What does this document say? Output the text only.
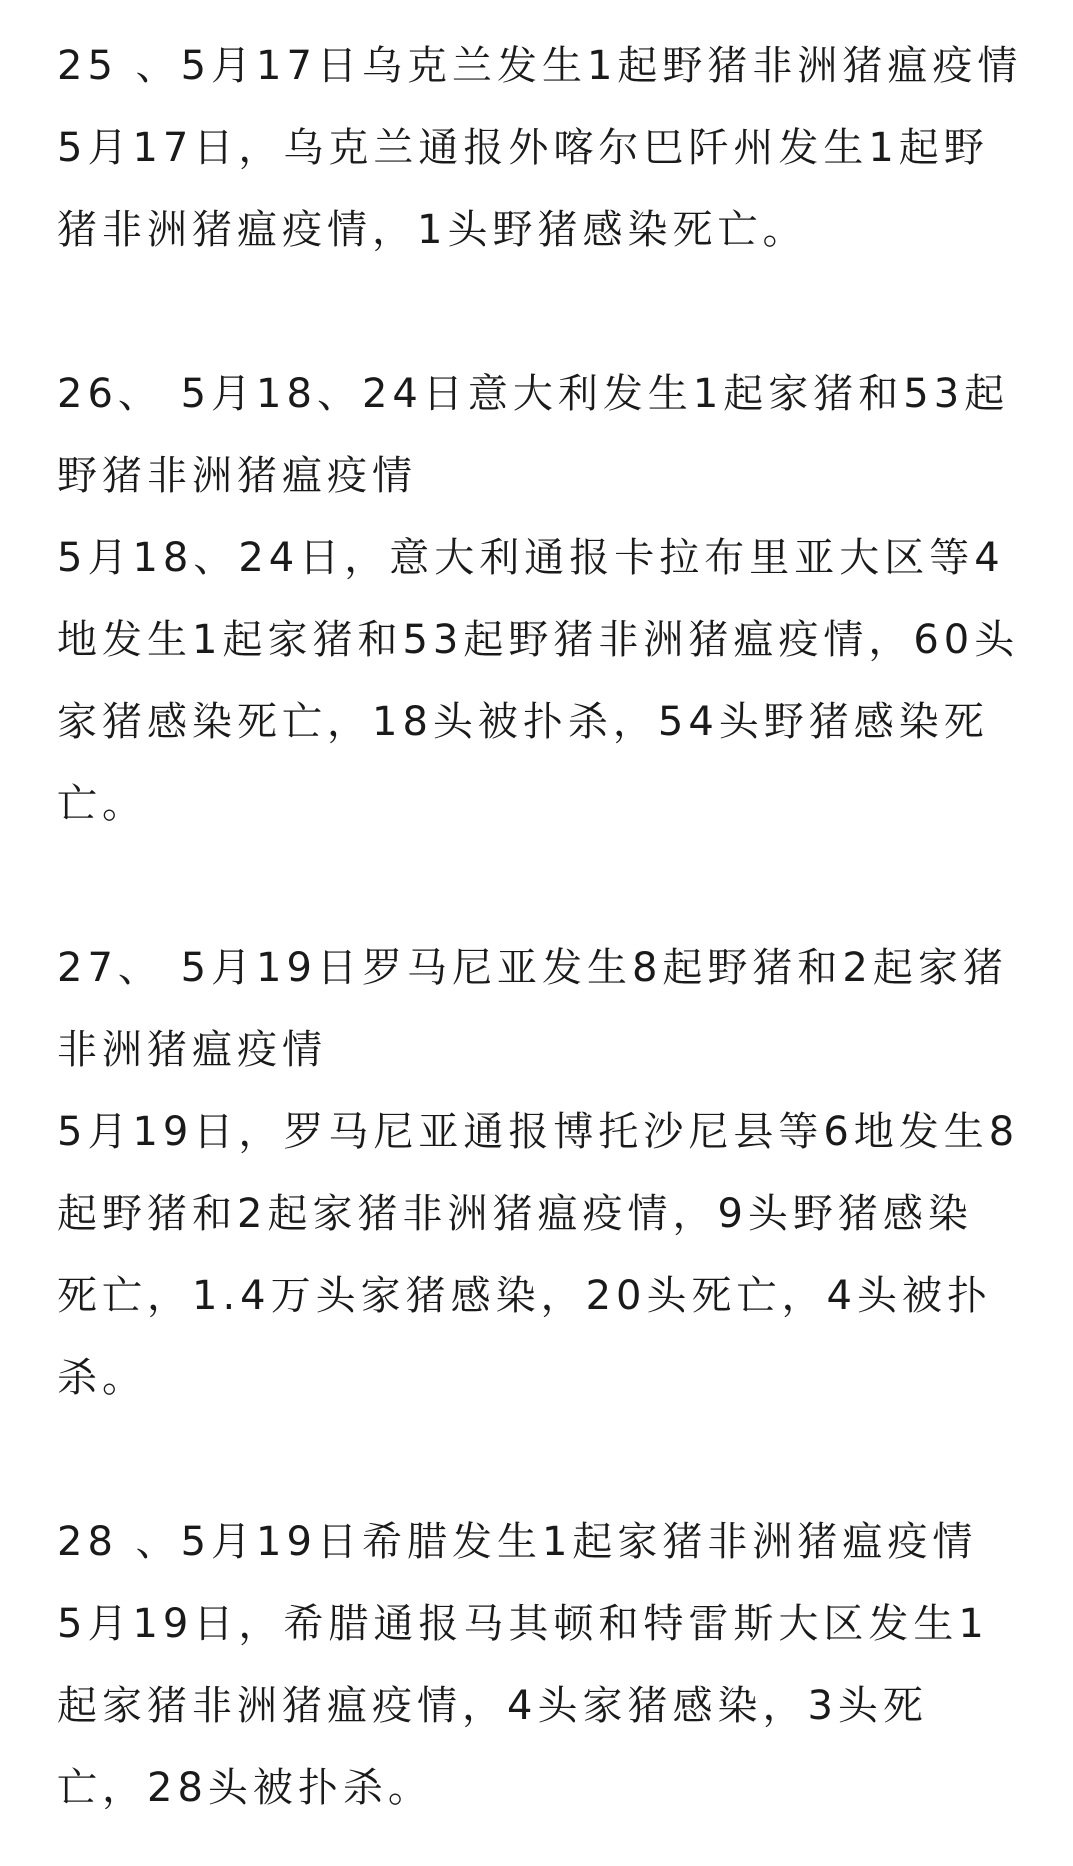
25 、5月17日乌克兰发生1起野猪非洲猪瘟疫情

5月17日，乌克兰通报外喀尔巴阡州发生1起野

猪非洲猪瘟疫情，1头野猪感染死亡。

26、 5月18、24日意大利发生1起家猪和53起

野猪非洲猪瘟疫情

5月18、24日，意大利通报卡拉布里亚大区等4

地发生1起家猪和53起野猪非洲猪瘟疫情，60头

家猪感染死亡，18头被扑杀，54头野猪感染死

亡。

27、 5月19日罗马尼亚发生8起野猪和2起家猪

非洲猪瘟疫情

5月19日，罗马尼亚通报博托沙尼县等6地发生8

起野猪和2起家猪非洲猪瘟疫情，9头野猪感染

死亡，1.4万头家猪感染，20头死亡，4头被扑

杀。

28 、5月19日希腊发生1起家猪非洲猪瘟疫情

5月19日，希腊通报马其顿和特雷斯大区发生1

起家猪非洲猪瘟疫情，4头家猪感染，3头死

亡，28头被扑杀。
